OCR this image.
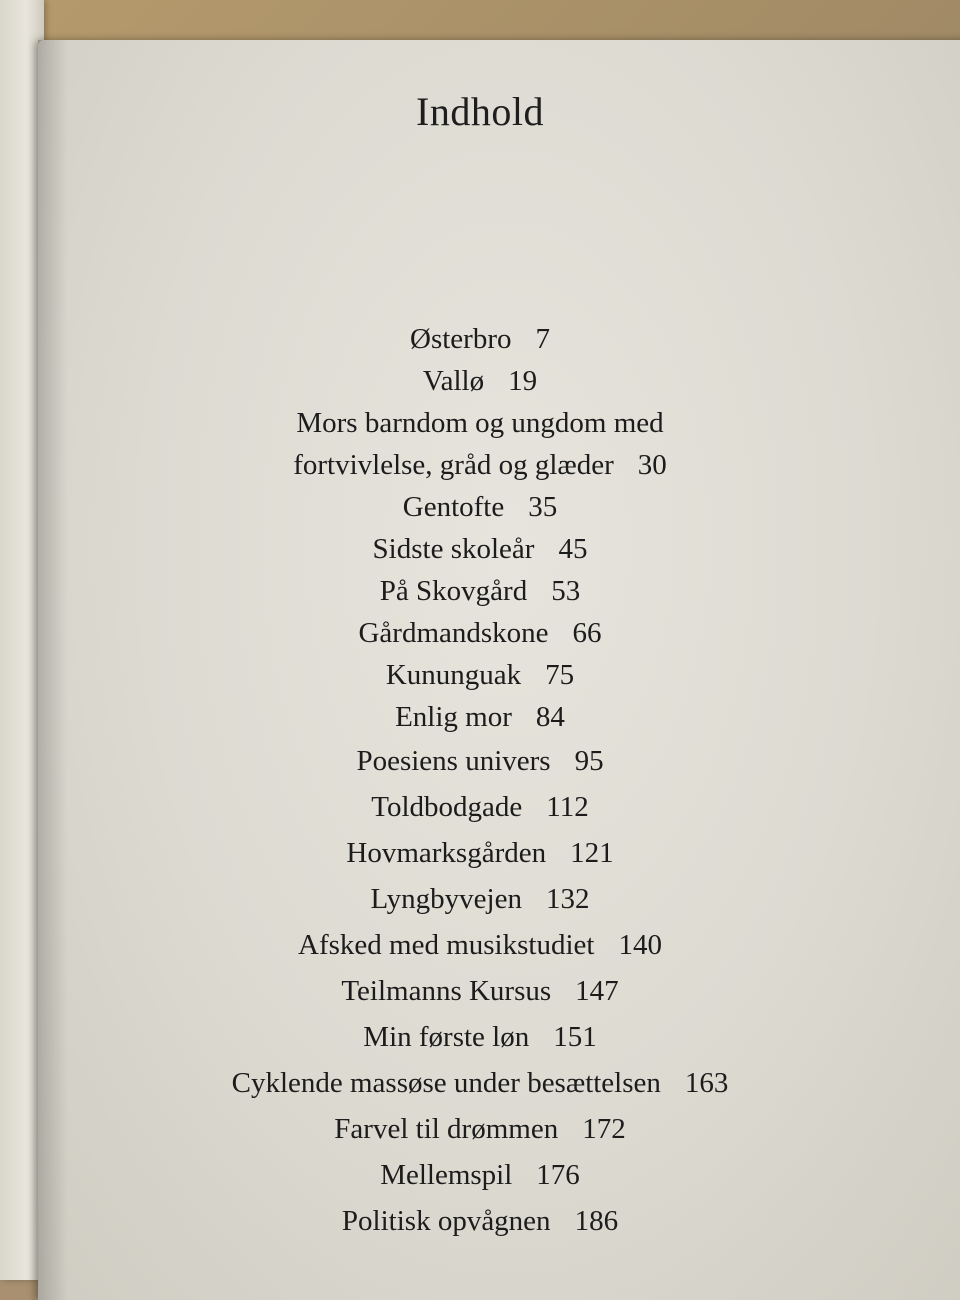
Indhold
Østerbro 7
Vallø 19
Mors barndom og ungdom med
fortvivlelse, gråd og glæder 30
Gentofte 35
Sidste skoleår 45
På Skovgård 53
Gårdmandskone 66
Kununguak 75
Enlig mor 84
Poesiens univers 95
Toldbodgade 112
Hovmarksgården 121
Lyngbyvejen 132
Afsked med musikstudiet 140
Teilmanns Kursus 147
Min første løn 151
Cyklende massøse under besættelsen 163
Farvel til drømmen 172
Mellemspil 176
Politisk opvågnen 186
